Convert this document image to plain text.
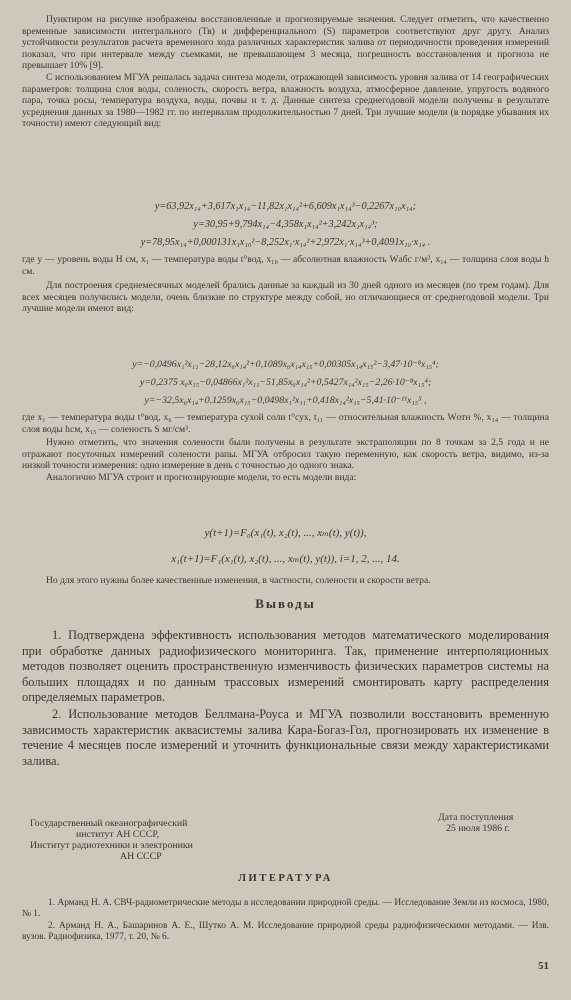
Пунктиром на рисунке изображены восстановленные и прогнозируемые значения. Следует отметить, что качественно временные зависимости интегрального (Тв) и дифференциального (S) параметров соответствуют друг другу. Анализ устойчивости результатов расчета временного хода различных характеристик залива от периодичности проведения измерений показал, что при интервале между съемками, не превышающем 3 месяца, погрешность восстановления и прогноза не превышает 10% [9].

С использованием МГУА решалась задача синтеза модели, отражающей зависимость уровня залива от 14 географических параметров: толщина слоя воды, соленость, скорость ветра, влажность воздуха, атмосферное давление, упругость водяного пара, точка росы, температура воздуха, воды, почвы и т. д. Данные синтеза среднегодовой модели получены в результате усреднения данных за 1980—1982 гг. по интервалам продолжительностью 7 дней. Три лучшие модели (в порядке убывания их точности) имеют следующий вид:

y=63,92x₁₄+3,617x₁x₁₄−11,82x₁x₁₄²+6,609x₁x₁₄³−0,2267x₁₀x₁₄;
y=30,95+9,794x₁₄−4,358x₁x₁₄²+3,242x₁x₁₄³;
y=78,95x₁₄+0,000131x₁x₁₀²−8,252x₁·x₁₄²+2,972x₁·x₁₄³+0,4091x₁₀·x₁₄ .

где y — уровень воды H см, x₁ — температура воды t°вод, x₁₀ — абсолютная влажность Wабс г/м³, x₁₄ — толщина слоя воды h см.

Для построения среднемесячных моделей брались данные за каждый из 30 дней одного из месяцев (по трем годам). Для всех месяцев получились модели, очень близкие по структуре между собой, но отличающиеся от среднегодовой модели. Три лучшие модели имеют вид:

y=−0,0496x₁²x₁₁−28,12x₆x₁₄²+0,1089x₆x₁₄x₁₅+0,00305x₁₄x₁₅²−3,47·10⁻⁸x₁₅⁴;
y=0,2375 x₆x₁₅−0,04866x₁²x₁₁−51,85x₆x₁₄²+0,5427x₁₄²x₁₅−2,26·10⁻⁸x₁₅⁴;
y=−32,5x₆x₁₄+0,1259x₆x₁₅−0,0498x₁²x₁₁+0,418x₁₄²x₁₅−5,41·10⁻¹¹x₁₅⁵ ,

где x₁ — температура воды t°вод, x₆ — температура сухой соли t°сух, t₁₁ — относительная влажность Wотн %, x₁₄ — толщина слоя воды hсм, x₁₅ — соленость S мг/см³.

Нужно отметить, что значения солености были получены в результате экстраполяции по 8 точкам за 2,5 года и не отражают посуточных измерений солености рапы. МГУА отбросил такую переменную, как скорость ветра, видимо, из-за низкой точности измерения: одно измерение в день с точностью до одного знака.

Аналогично МГУА строит и прогнозирующие модели, то есть модели вида:

y(t+1)=F₀(x₁(t), x₂(t), ..., xₘ(t), y(t)),
x₁(t+1)=F₁(x₁(t), x₂(t), ..., xₘ(t), y(t)), i=1, 2, ..., 14.

Но для этого нужны более качественные изменения, в частности, солености и скорости ветра.

Выводы

1. Подтверждена эффективность использования методов математического моделирования при обработке данных радиофизического мониторинга. Так, применение интерполяционных методов позволяет оценить пространственную изменчивость физических параметров системы на больших площадях и по данным трассовых измерений смонтировать карту распределения определяемых параметров.

2. Использование методов Беллмана-Роуса и МГУА позволили восстановить временную зависимость характеристик аквасистемы залива Кара-Богаз-Гол, прогнозировать их изменение в течение 4 месяцев после измерений и уточнить функциональные связи между характеристиками залива.

Государственный океанографический
институт АН СССР,
Институт радиотехники и электроники
АН СССР
Дата поступления
25 июля 1986 г.
ЛИТЕРАТУРА

1. Арманд Н. А. СВЧ-радиометрические методы в исследовании природной среды. — Исследование Земли из космоса, 1980, № 1.

2. Арманд Н. А., Башаринов А. Е., Шутко А. М. Исследование природной среды радиофизическими методами. — Изв. вузов. Радиофизика, 1977, т. 20, № 6.

51
